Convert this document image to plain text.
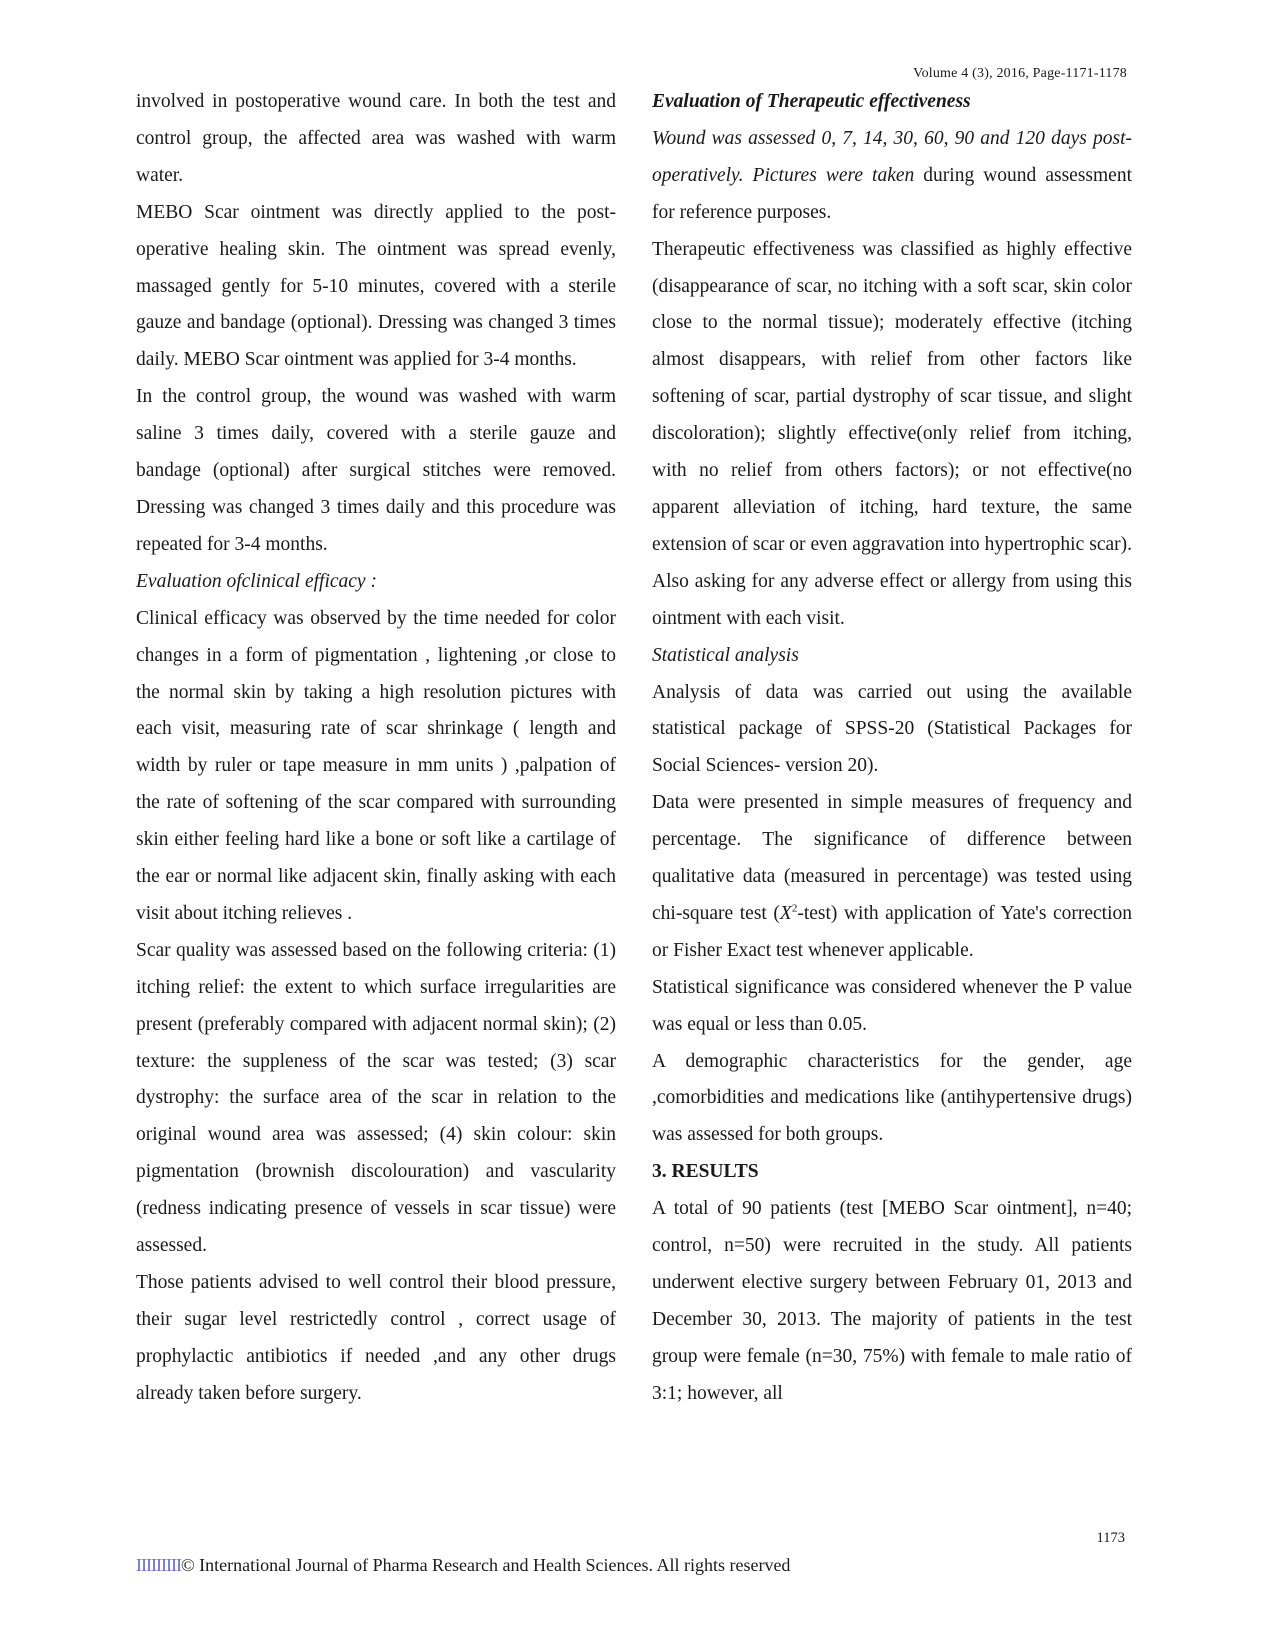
Volume 4 (3), 2016, Page-1171-1178

involved in postoperative wound care. In both the test and control group, the affected area was washed with warm water.

MEBO Scar ointment was directly applied to the post-operative healing skin. The ointment was spread evenly, massaged gently for 5-10 minutes, covered with a sterile gauze and bandage (optional). Dressing was changed 3 times daily. MEBO Scar ointment was applied for 3-4 months.

In the control group, the wound was washed with warm saline 3 times daily, covered with a sterile gauze and bandage (optional) after surgical stitches were removed. Dressing was changed 3 times daily and this procedure was repeated for 3-4 months.

Evaluation ofclinical efficacy :

Clinical efficacy was observed by the time needed for color changes in a form of pigmentation , lightening ,or close to the normal skin by taking a high resolution pictures with each visit, measuring rate of scar shrinkage ( length and width by ruler or tape measure in mm units ) ,palpation of the rate of softening of the scar compared with surrounding skin either feeling hard like a bone or soft like a cartilage of the ear or normal like adjacent skin, finally asking with each visit about itching relieves .

Scar quality was assessed based on the following criteria: (1) itching relief: the extent to which surface irregularities are present (preferably compared with adjacent normal skin); (2) texture: the suppleness of the scar was tested; (3) scar dystrophy: the surface area of the scar in relation to the original wound area was assessed; (4) skin colour: skin pigmentation (brownish discolouration) and vascularity (redness indicating presence of vessels in scar tissue) were assessed.

Those patients advised to well control their blood pressure, their sugar level restrictedly control , correct usage of prophylactic antibiotics if needed ,and any other drugs already taken before surgery.

Evaluation of Therapeutic effectiveness

Wound was assessed 0, 7, 14, 30, 60, 90 and 120 days post-operatively. Pictures were taken during wound assessment for reference purposes.

Therapeutic effectiveness was classified as highly effective (disappearance of scar, no itching with a soft scar, skin color close to the normal tissue); moderately effective (itching almost disappears, with relief from other factors like softening of scar, partial dystrophy of scar tissue, and slight discoloration); slightly effective(only relief from itching, with no relief from others factors); or not effective(no apparent alleviation of itching, hard texture, the same extension of scar or even aggravation into hypertrophic scar). Also asking for any adverse effect or allergy from using this ointment with each visit.

Statistical analysis

Analysis of data was carried out using the available statistical package of SPSS-20 (Statistical Packages for Social Sciences- version 20).

Data were presented in simple measures of frequency and percentage. The significance of difference between qualitative data (measured in percentage) was tested using chi-square test $(X^2-test)$ with application of Yate's correction or Fisher Exact test whenever applicable.

Statistical significance was considered whenever the P value was equal or less than 0.05.

A demographic characteristics for the gender, age ,comorbidities and medications like (antihypertensive drugs) was assessed for both groups.

3. RESULTS

A total of 90 patients (test [MEBO Scar ointment], n=40; control, n=50) were recruited in the study. All patients underwent elective surgery between February 01, 2013 and December 30, 2013. The majority of patients in the test group were female (n=30, 75%) with female to male ratio of 3:1; however, all

1173
IIIIIIIII© International Journal of Pharma Research and Health Sciences. All rights reserved
